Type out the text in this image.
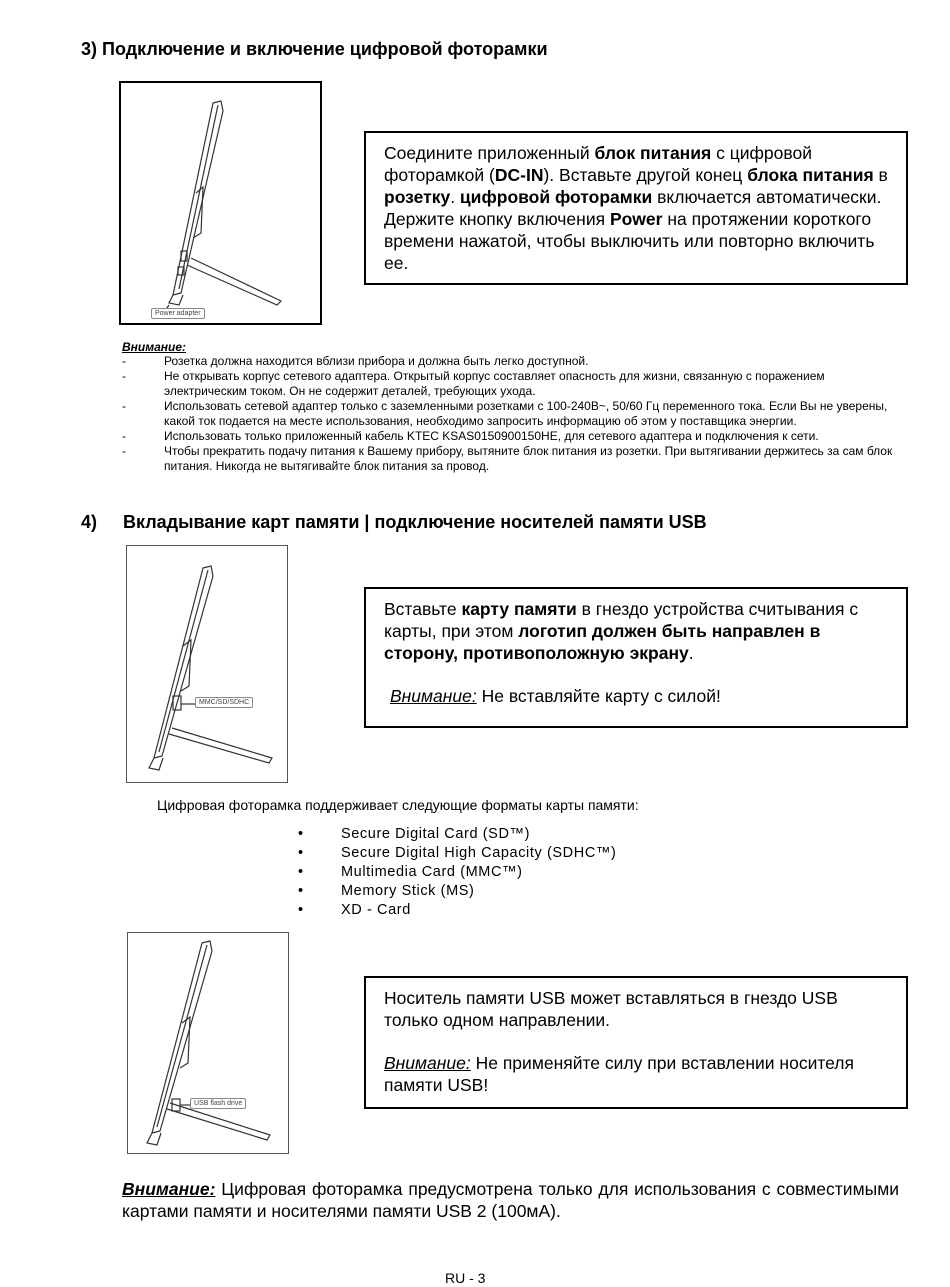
3) Подключение и включение цифровой фоторамки
Power adapter

Соедините приложенный блок питания с цифровой фоторамкой (DC-IN). Вставьте другой конец блока питания в розетку. цифровой фоторамки включается автоматически. Держите кнопку включения Power на протяжении короткого времени нажатой, чтобы выключить или повторно включить ее.

Внимание:
-	Розетка должна находится вблизи прибора и должна быть легко доступной.
-	Не открывать корпус сетевого адаптера. Открытый корпус составляет опасность для жизни, связанную с поражением электрическим током. Он не содержит деталей, требующих ухода.
-	Использовать сетевой адаптер только с заземленными розетками с 100-240В~, 50/60 Гц переменного тока. Если Вы не уверены, какой ток подается на месте использования, необходимо запросить информацию об этом у поставщика энергии.
-	Использовать только приложенный кабель KTEC KSAS0150900150HE, для сетевого адаптера и подключения к сети.
-	Чтобы прекратить подачу питания к Вашему прибору, вытяните блок питания из розетки. При вытягивании держитесь за сам блок питания. Никогда не вытягивайте блок питания за провод.
4) Вкладывание карт памяти | подключение носителей памяти USB
MMC/SD/SDHC

Вставьте карту памяти в гнездо устройства считывания с карты, при этом логотип должен быть направлен в сторону, противоположную экрану.

Внимание: Не вставляйте карту с силой!

Цифровая фоторамка поддерживает следующие форматы карты памяти:
•	Secure Digital Card (SD™)
•	Secure Digital High Capacity (SDHC™)
•	Multimedia Card (MMC™)
•	Memory Stick (MS)
•	XD - Card
USB flash drive

Носитель памяти USB может вставляться в гнездо USB только одном направлении.

Внимание: Не применяйте силу при вставлении носителя памяти USB!

Внимание: Цифровая фоторамка предусмотрена только для использования с совместимыми картами памяти и носителями памяти USB 2 (100мА).
RU - 3
